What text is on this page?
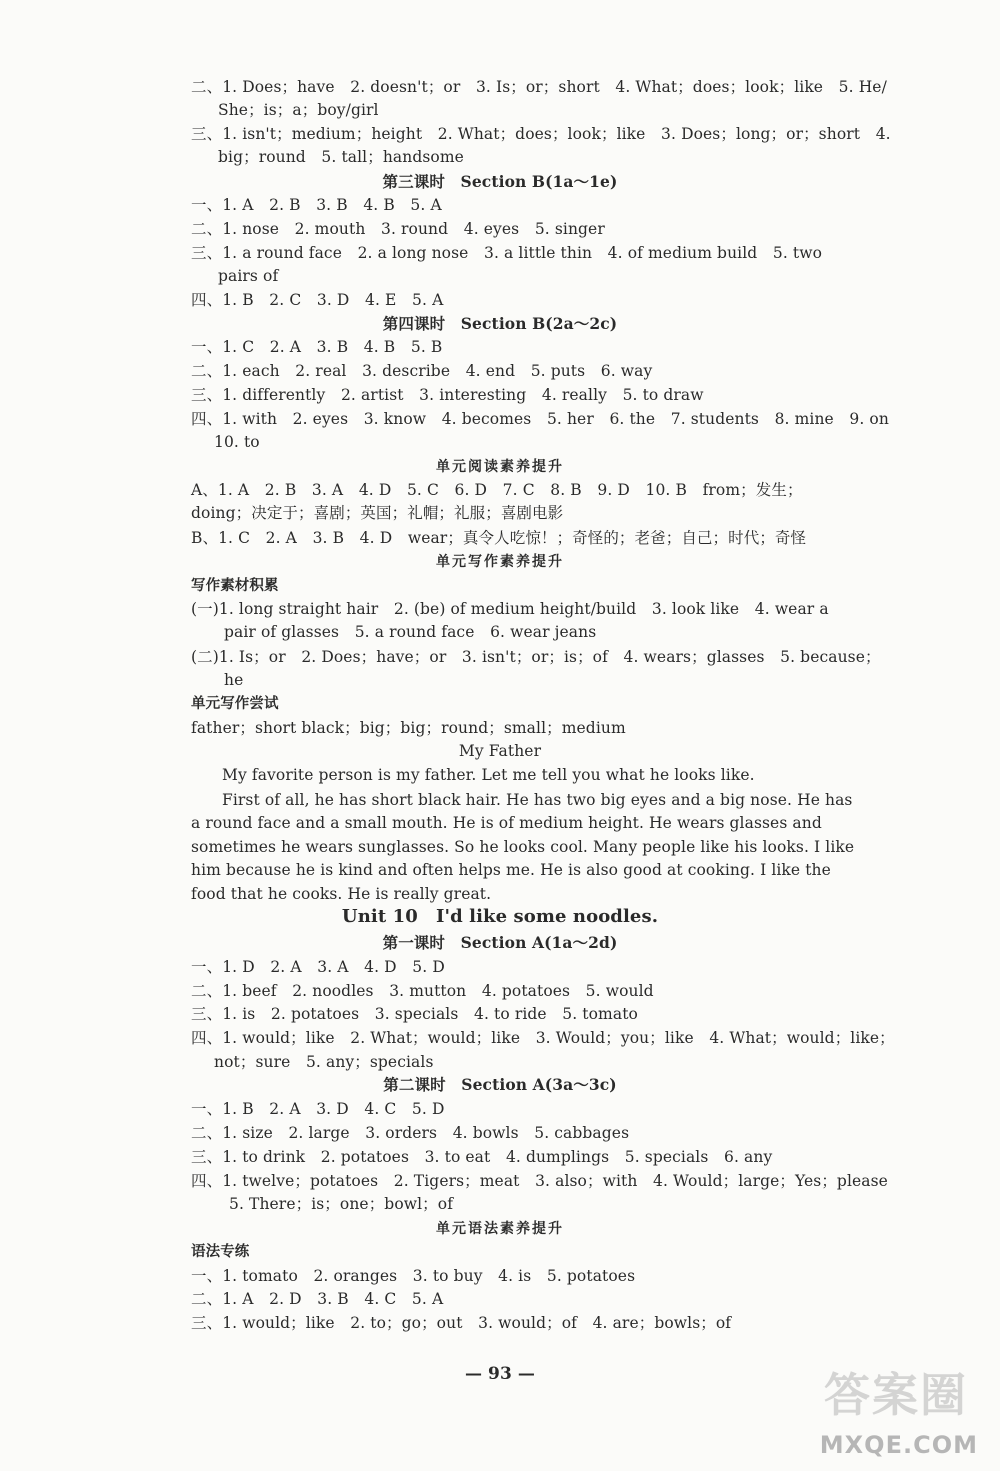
二、1. Does；have　2. doesn't；or　3. Is；or；short　4. What；does；look；like　5. He/
She；is；a；boy/girl
三、1. isn't；medium；height　2. What；does；look；like　3. Does；long；or；short　4.
big；round　5. tall；handsome
第三课时　Section B(1a～1e)
一、1. A　2. B　3. B　4. B　5. A
二、1. nose　2. mouth　3. round　4. eyes　5. singer
三、1. a round face　2. a long nose　3. a little thin　4. of medium build　5. two
pairs of
四、1. B　2. C　3. D　4. E　5. A
第四课时　Section B(2a～2c)
一、1. C　2. A　3. B　4. B　5. B
二、1. each　2. real　3. describe　4. end　5. puts　6. way
三、1. differently　2. artist　3. interesting　4. really　5. to draw
四、1. with　2. eyes　3. know　4. becomes　5. her　6. the　7. students　8. mine　9. on
10. to
单元阅读素养提升
A、1. A　2. B　3. A　4. D　5. C　6. D　7. C　8. B　9. D　10. B　from；发生；
doing；决定于；喜剧；英国；礼帽；礼服；喜剧电影
B、1. C　2. A　3. B　4. D　wear；真令人吃惊！；奇怪的；老爸；自己；时代；奇怪
单元写作素养提升
写作素材积累
(一)1. long straight hair　2. (be) of medium height/build　3. look like　4. wear a
pair of glasses　5. a round face　6. wear jeans
(二)1. Is；or　2. Does；have；or　3. isn't；or；is；of　4. wears；glasses　5. because；
he
单元写作尝试
father；short black；big；big；round；small；medium
My Father
My favorite person is my father. Let me tell you what he looks like.
First of all, he has short black hair. He has two big eyes and a big nose. He has
a round face and a small mouth. He is of medium height. He wears glasses and
sometimes he wears sunglasses. So he looks cool. Many people like his looks. I like
him because he is kind and often helps me. He is also good at cooking. I like the
food that he cooks. He is really great.
Unit 10　I'd like some noodles.
第一课时　Section A(1a～2d)
一、1. D　2. A　3. A　4. D　5. D
二、1. beef　2. noodles　3. mutton　4. potatoes　5. would
三、1. is　2. potatoes　3. specials　4. to ride　5. tomato
四、1. would；like　2. What；would；like　3. Would；you；like　4. What；would；like；
not；sure　5. any；specials
第二课时　Section A(3a～3c)
一、1. B　2. A　3. D　4. C　5. D
二、1. size　2. large　3. orders　4. bowls　5. cabbages
三、1. to drink　2. potatoes　3. to eat　4. dumplings　5. specials　6. any
四、1. twelve；potatoes　2. Tigers；meat　3. also；with　4. Would；large；Yes；please
5. There；is；one；bowl；of
单元语法素养提升
语法专练
一、1. tomato　2. oranges　3. to buy　4. is　5. potatoes
二、1. A　2. D　3. B　4. C　5. A
三、1. would；like　2. to；go；out　3. would；of　4. are；bowls；of
— 93 —	答案圈
MXQE.COM
